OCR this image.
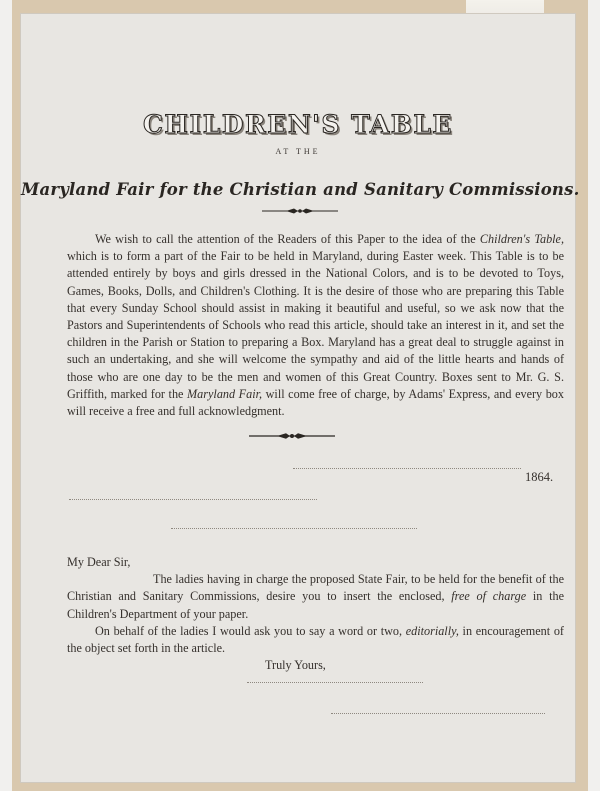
CHILDREN'S TABLE
AT THE
Maryland Fair for the Christian and Sanitary Commissions.

We wish to call the attention of the Readers of this Paper to the idea of the Children's Table, which is to form a part of the Fair to be held in Maryland, during Easter week. This Table is to be attended entirely by boys and girls dressed in the National Colors, and is to be devoted to Toys, Games, Books, Dolls, and Children's Clothing. It is the desire of those who are preparing this Table that every Sunday School should assist in making it beautiful and useful, so we ask now that the Pastors and Superintendents of Schools who read this article, should take an interest in it, and set the children in the Parish or Station to preparing a Box. Maryland has a great deal to struggle against in such an undertaking, and she will welcome the sympathy and aid of the little hearts and hands of those who are one day to be the men and women of this Great Country. Boxes sent to Mr. G. S. Griffith, marked for the Maryland Fair, will come free of charge, by Adams' Express, and every box will receive a free and full acknowledgment.

1864.

My Dear Sir,

The ladies having in charge the proposed State Fair, to be held for the benefit of the Christian and Sanitary Commissions, desire you to insert the enclosed, free of charge in the Children's Department of your paper.

On behalf of the ladies I would ask you to say a word or two, editorially, in encouragement of the object set forth in the article.

Truly Yours,
